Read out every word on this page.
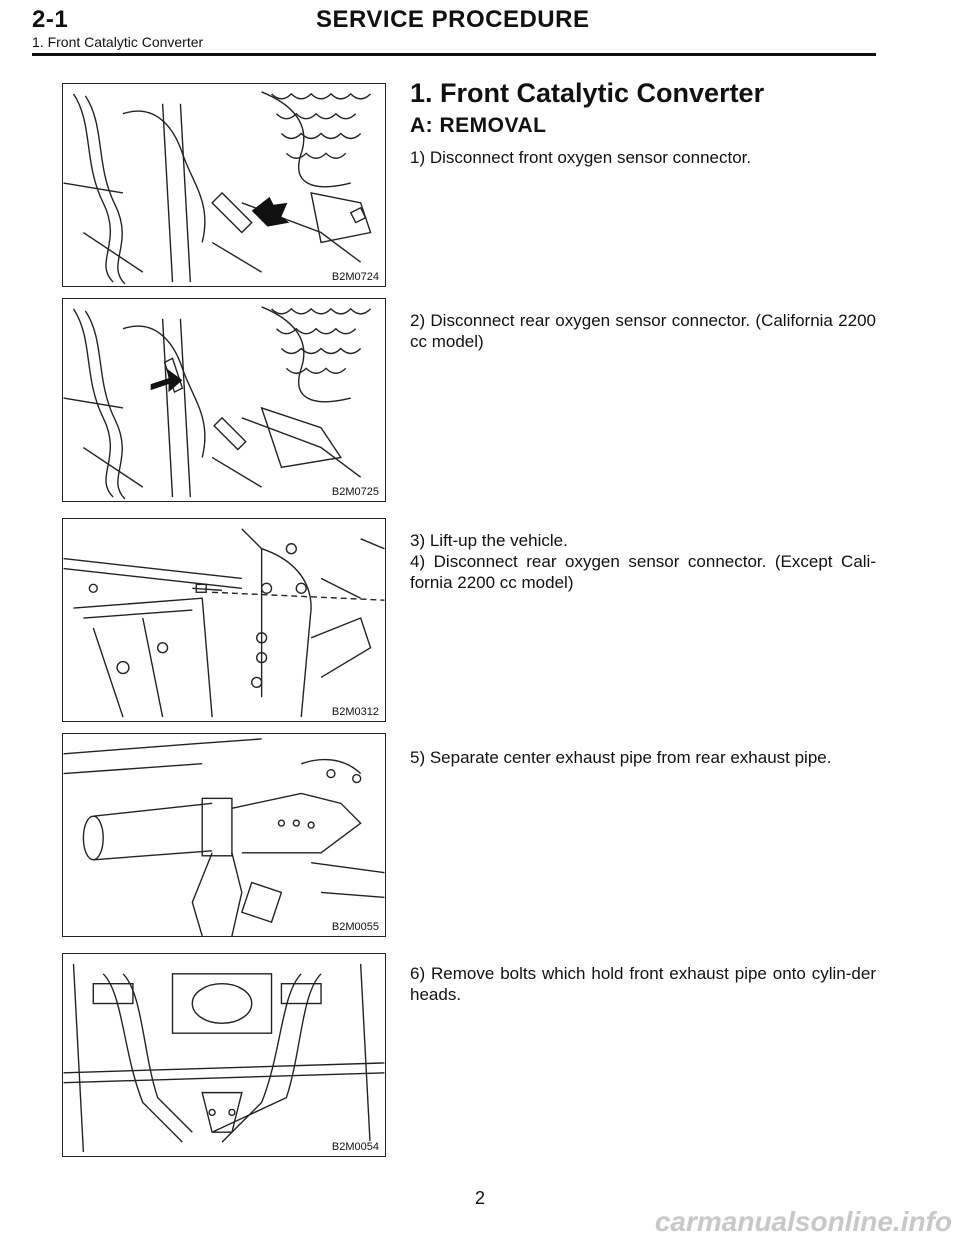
2-1	SERVICE PROCEDURE
1. Front Catalytic Converter
B2M0724
B2M0725
B2M0312
B2M0055
B2M0054
1. Front Catalytic Converter
A: REMOVAL
1) Disconnect front oxygen sensor connector.
2) Disconnect rear oxygen sensor connector. (California 2200 cc model)
3) Lift-up the vehicle.
4) Disconnect rear oxygen sensor connector. (Except Cali-fornia 2200 cc model)
5) Separate center exhaust pipe from rear exhaust pipe.
6) Remove bolts which hold front exhaust pipe onto cylin-der heads.
2
carmanualsonline.info
